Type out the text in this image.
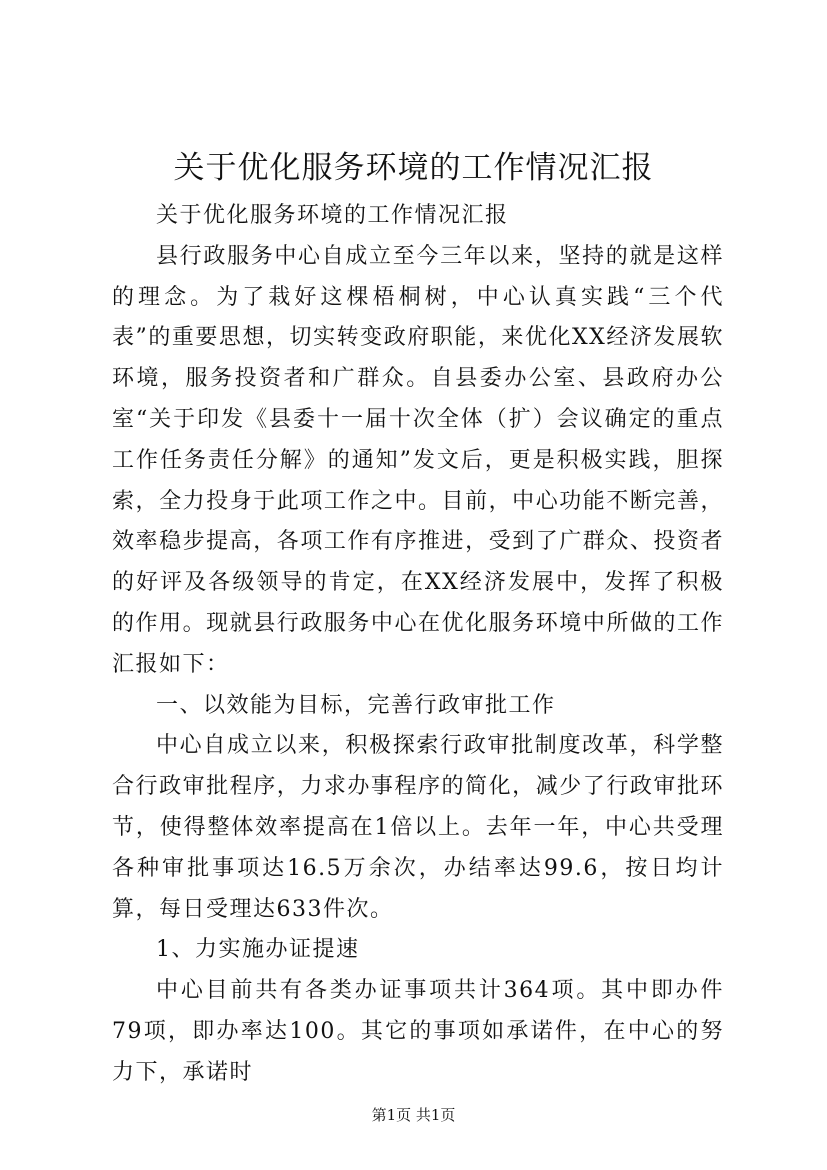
关于优化服务环境的工作情况汇报

关于优化服务环境的工作情况汇报

县行政服务中心自成立至今三年以来，坚持的就是这样的理念。为了栽好这棵梧桐树，中心认真实践“三个代表”的重要思想，切实转变政府职能，来优化XX经济发展软环境，服务投资者和广群众。自县委办公室、县政府办公室“关于印发《县委十一届十次全体（扩）会议确定的重点工作任务责任分解》的通知”发文后，更是积极实践，胆探索，全力投身于此项工作之中。目前，中心功能不断完善，效率稳步提高，各项工作有序推进，受到了广群众、投资者的好评及各级领导的肯定，在XX经济发展中，发挥了积极的作用。现就县行政服务中心在优化服务环境中所做的工作汇报如下：

一、以效能为目标，完善行政审批工作

中心自成立以来，积极探索行政审批制度改革，科学整合行政审批程序，力求办事程序的简化，减少了行政审批环节，使得整体效率提高在1倍以上。去年一年，中心共受理各种审批事项达16.5万余次，办结率达99.6，按日均计算，每日受理达633件次。

1、力实施办证提速

中心目前共有各类办证事项共计364项。其中即办件79项，即办率达100。其它的事项如承诺件，在中心的努力下，承诺时

第1页 共1页
